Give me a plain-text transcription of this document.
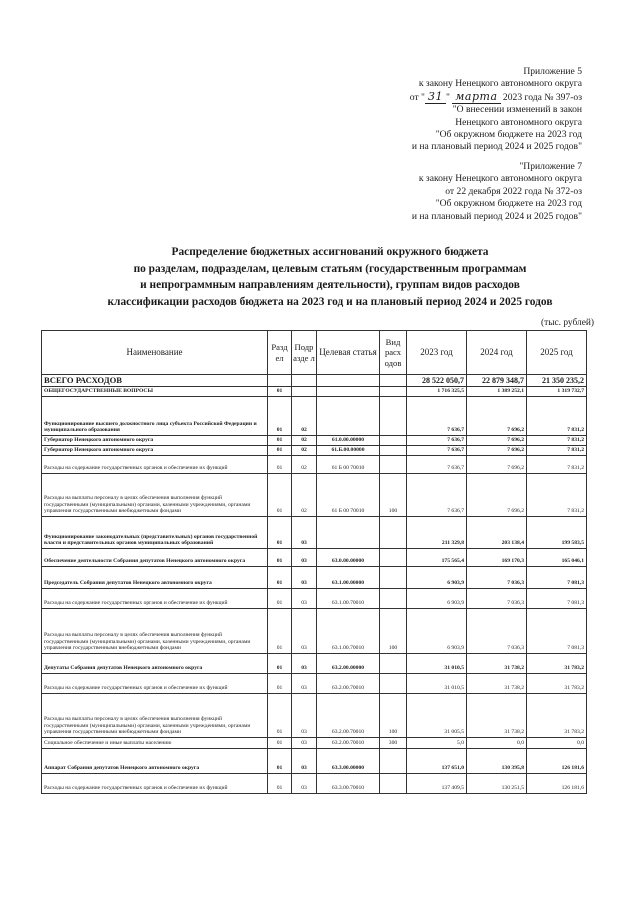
Приложение 5
к закону Ненецкого автономного округа
от " 31 " марта 2023 года № 397-оз
"О внесении изменений в закон
Ненецкого автономного округа
"Об окружном бюджете на 2023 год
и на плановый период 2024 и 2025 годов"
"Приложение 7
к закону Ненецкого автономного округа
от 22 декабря 2022 года № 372-оз
"Об окружном бюджете на 2023 год
и на плановый период 2024 и 2025 годов"
Распределение бюджетных ассигнований окружного бюджета
по разделам, подразделам, целевым статьям (государственным программам
и непрограммным направлениям деятельности), группам видов расходов
классификации расходов бюджета на 2023 год и на плановый период 2024 и 2025 годов
(тыс. рублей)
Наименование	Разд ел	Подр азде л	Целевая статья	Вид расх одов	2023 год	2024 год	2025 год
ВСЕГО РАСХОДОВ					28 522 050,7	22 879 348,7	21 350 235,2
ОБЩЕГОСУДАРСТВЕННЫЕ ВОПРОСЫ	01				1 716 325,5	1 389 252,1	1 319 732,7
Функционирование высшего должностного лица субъекта Российской Федерации и муниципального образования	01	02			7 636,7	7 696,2	7 831,2
Губернатор Ненецкого автономного округа	01	02	61.0.00.00000		7 636,7	7 696,2	7 831,2
Губернатор Ненецкого автономного округа	01	02	61.Б.00.00000		7 636,7	7 696,2	7 831,2
Расходы на содержание государственных органов и обеспечение их функций	01	02	61 Б 00 70010		7 636,7	7 696,2	7 831,2
Расходы на выплаты персоналу в целях обеспечения выполнения функций государственными (муниципальными) органами, казенными учреждениями, органами управления государственными внебюджетными фондами	01	02	61 Б 00 70010	100	7 636,7	7 696,2	7 831,2
Функционирование законодательных (представительных) органов государственной власти и представительных органов муниципальных образований	01	03			211 329,8	203 138,4	199 583,5
Обеспечение деятельности Собрания депутатов Ненецкого автономного округа	01	03	63.0.00.00000		175 565,4	169 170,3	165 046,1
Председатель Собрания депутатов Ненецкого автономного округа	01	03	63.1.00.00000		6 903,9	7 036,3	7 081,3
Расходы на содержание государственных органов и обеспечение их функций	01	03	63.1.00.70010		6 903,9	7 036,3	7 081,3
Расходы на выплаты персоналу в целях обеспечения выполнения функций государственными (муниципальными) органами, казенными учреждениями, органами управления государственными внебюджетными фондами	01	03	63.1.00.70010	100	6 903,9	7 036,3	7 081,3
Депутаты Собрания депутатов Ненецкого автономного округа	01	03	63.2.00.00000		31 010,5	31 738,2	31 783,2
Расходы на содержание государственных органов и обеспечение их функций	01	03	63.2.00.70010		31 010,5	31 738,2	31 783,2
Расходы на выплаты персоналу в целях обеспечения выполнения функций государственными (муниципальными) органами, казенными учреждениями, органами управления государственными внебюджетными фондами	01	03	63.2.00.70010	100	31 005,5	31 738,2	31 783,2
Социальное обеспечение и иные выплаты населению	01	03	63.2.00.70010	300	5,0	0,0	0,0
Аппарат Собрания депутатов Ненецкого автономного округа	01	03	63.3.00.00000		137 651,0	130 395,8	126 181,6
Расходы на содержание государственных органов и обеспечение их функций	01	03	63.3.00.70010		137 409,5	130 251,5	126 181,6
